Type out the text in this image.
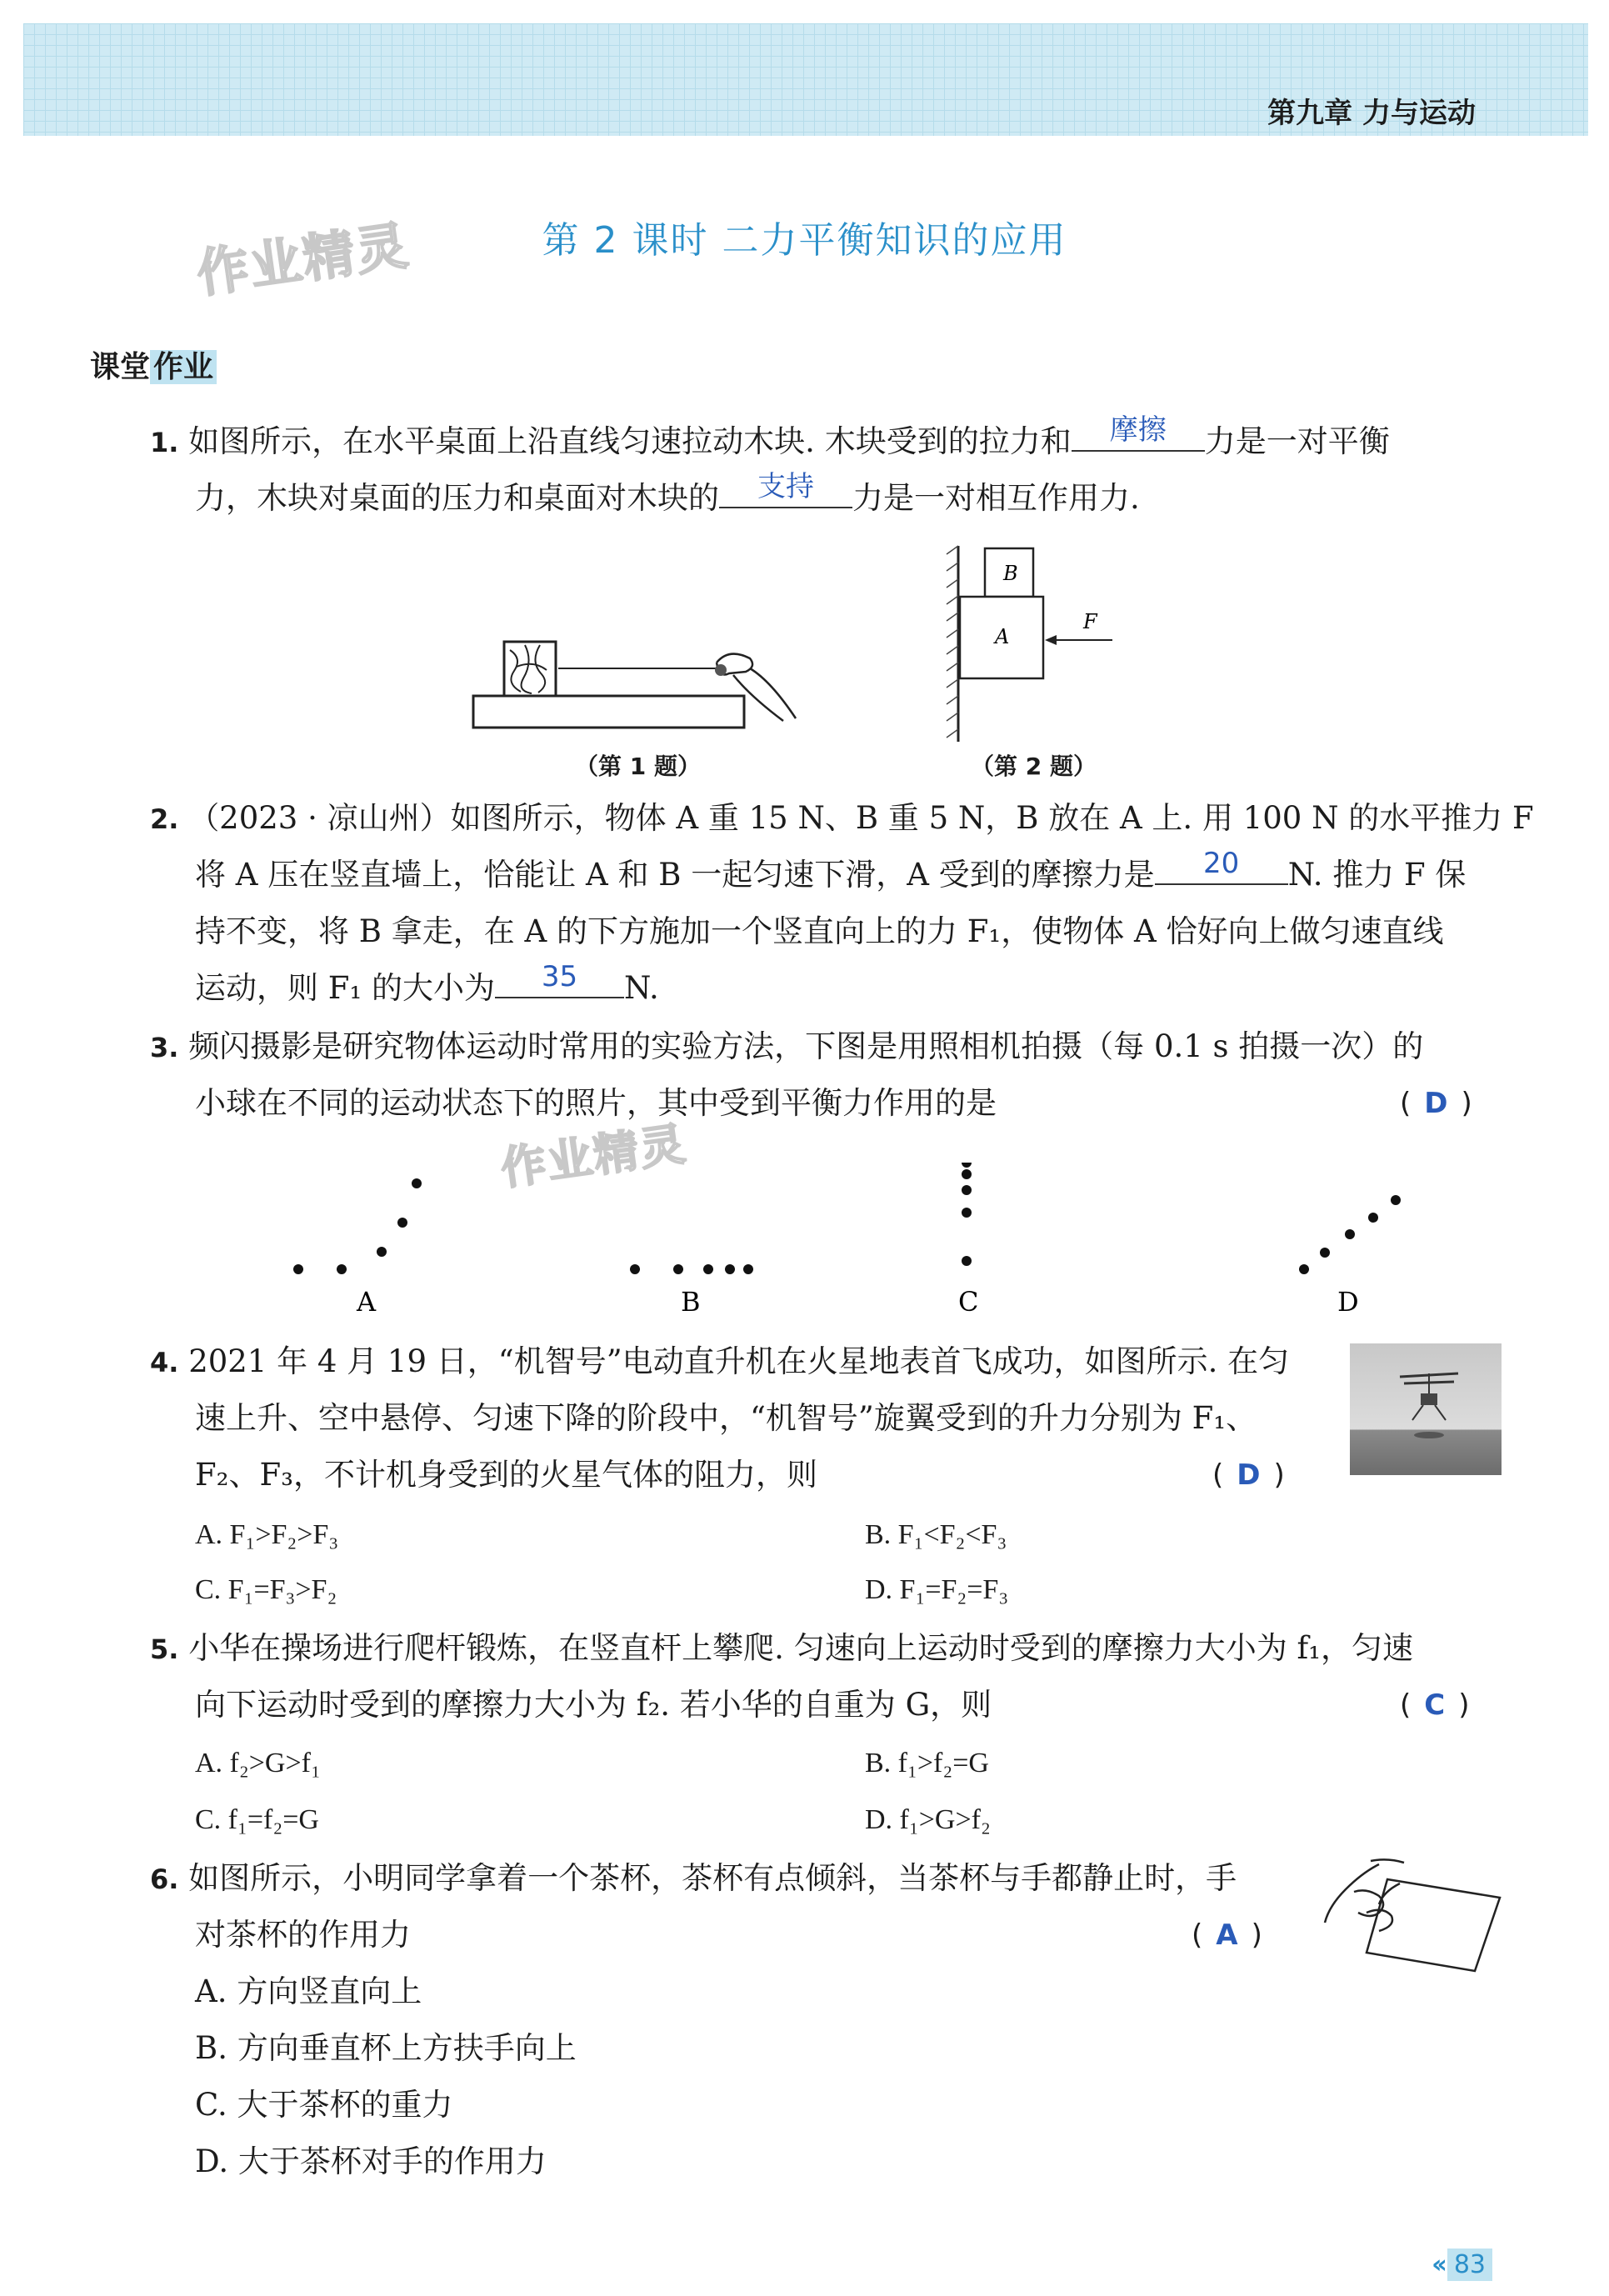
第九章 力与运动
作业精灵
作业精灵
第 2 课时 二力平衡知识的应用
课堂 作业
1. 如图所示，在水平桌面上沿直线匀速拉动木块. 木块受到的拉力和	摩擦	力是一对平衡
力，木块对桌面的压力和桌面对木块的	支持	力是一对相互作用力.
（第 1 题）
B
A
F
（第 2 题）
2. （2023 · 凉山州）如图所示，物体 A 重 15 N、B 重 5 N，B 放在 A 上. 用 100 N 的水平推力 F
将 A 压在竖直墙上，恰能让 A 和 B 一起匀速下滑，A 受到的摩擦力是	20	N. 推力 F 保
持不变，将 B 拿走，在 A 的下方施加一个竖直向上的力 F₁，使物体 A 恰好向上做匀速直线
运动，则 F₁ 的大小为	35	N.
3. 频闪摄影是研究物体运动时常用的实验方法，下图是用照相机拍摄（每 0.1 s 拍摄一次）的
小球在不同的运动状态下的照片，其中受到平衡力作用的是	( D )
A	B	C	D
4. 2021 年 4 月 19 日，“机智号”电动直升机在火星地表首飞成功，如图所示. 在匀
速上升、空中悬停、匀速下降的阶段中，“机智号”旋翼受到的升力分别为 F₁、
F₂、F₃，不计机身受到的火星气体的阻力，则	( D )
A. F₁>F₂>F₃	B. F₁<F₂<F₃
C. F₁=F₃>F₂	D. F₁=F₂=F₃
5. 小华在操场进行爬杆锻炼，在竖直杆上攀爬. 匀速向上运动时受到的摩擦力大小为 f₁，匀速
向下运动时受到的摩擦力大小为 f₂. 若小华的自重为 G，则	( C )
A. f₂>G>f₁	B. f₁>f₂=G
C. f₁=f₂=G	D. f₁>G>f₂
6. 如图所示，小明同学拿着一个茶杯，茶杯有点倾斜，当茶杯与手都静止时，手
对茶杯的作用力	( A )
A. 方向竖直向上
B. 方向垂直杯上方扶手向上
C. 大于茶杯的重力
D. 大于茶杯对手的作用力
‹‹ 83
